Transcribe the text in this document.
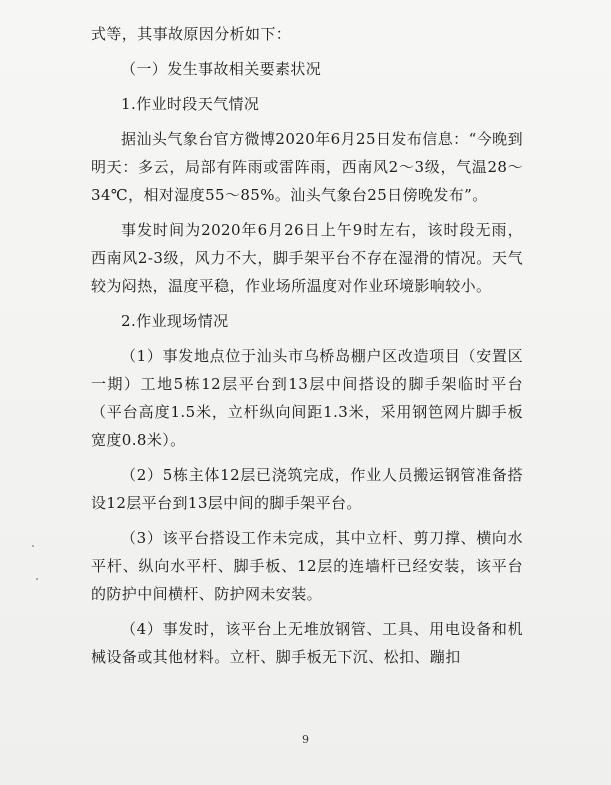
式等，其事故原因分析如下：

（一）发生事故相关要素状况

1.作业时段天气情况

据汕头气象台官方微博2020年6月25日发布信息：“今晚到明天：多云，局部有阵雨或雷阵雨，西南风2～3级，气温28～34℃，相对湿度55～85%。汕头气象台25日傍晚发布”。

事发时间为2020年6月26日上午9时左右，该时段无雨，西南风2-3级，风力不大，脚手架平台不存在湿滑的情况。天气较为闷热，温度平稳，作业场所温度对作业环境影响较小。

2.作业现场情况

（1）事发地点位于汕头市乌桥岛棚户区改造项目（安置区一期）工地5栋12层平台到13层中间搭设的脚手架临时平台（平台高度1.5米，立杆纵向间距1.3米，采用钢笆网片脚手板宽度0.8米）。

（2）5栋主体12层已浇筑完成，作业人员搬运钢管准备搭设12层平台到13层中间的脚手架平台。

（3）该平台搭设工作未完成，其中立杆、剪刀撑、横向水平杆、纵向水平杆、脚手板、12层的连墙杆已经安装，该平台的防护中间横杆、防护网未安装。

（4）事发时，该平台上无堆放钢管、工具、用电设备和机械设备或其他材料。立杆、脚手板无下沉、松扣、蹦扣

9
